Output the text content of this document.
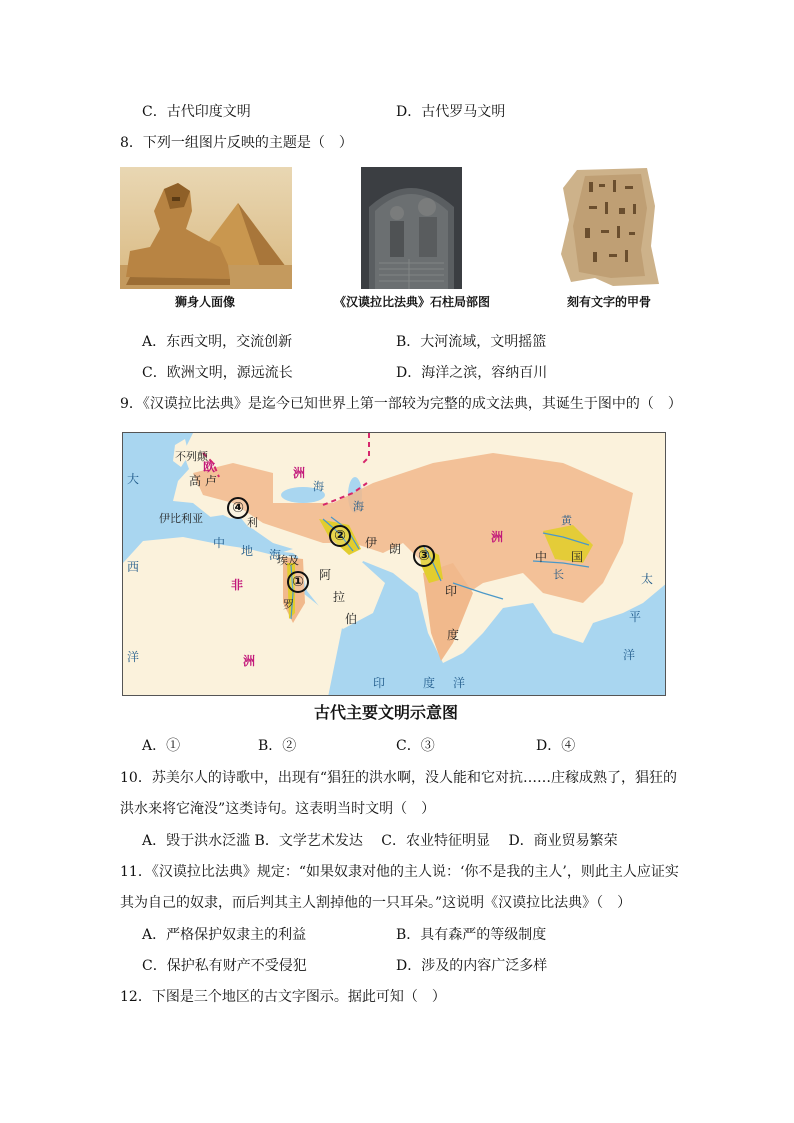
C．古代印度文明	D．古代罗马文明
8．下列一组图片反映的主题是（　）
狮身人面像	《汉谟拉比法典》石柱局部图	刻有文字的甲骨
A．东西文明，交流创新	B．大河流域，文明摇篮
C．欧洲文明，源远流长	D．海洋之滨，容纳百川
9．《汉谟拉比法典》是迄今已知世界上第一部较为完整的成文法典，其诞生于图中的（　）
不列颠
高 卢
欧	洲
伊比利亚	利
海
海
中
地 海
伊 朗
埃及
阿
拉
伯
罗
印
度
中 国
黄
长
洲
大
西
洋
非
洲
印	度 洋
太
平
洋
①
②
③
④
古代主要文明示意图
A．①	B．②	C．③	D．④
10．苏美尔人的诗歌中，出现有“猖狂的洪水啊，没人能和它对抗……庄稼成熟了，猖狂的
洪水来将它淹没”这类诗句。这表明当时文明（　）
A．毁于洪水泛滥 B．文学艺术发达　 C．农业特征明显　 D．商业贸易繁荣
11．《汉谟拉比法典》规定：“如果奴隶对他的主人说：‘你不是我的主人’，则此主人应证实
其为自己的奴隶，而后判其主人割掉他的一只耳朵。”这说明《汉谟拉比法典》（　）
A．严格保护奴隶主的利益	B．具有森严的等级制度
C．保护私有财产不受侵犯	D．涉及的内容广泛多样
12．下图是三个地区的古文字图示。据此可知（　）
